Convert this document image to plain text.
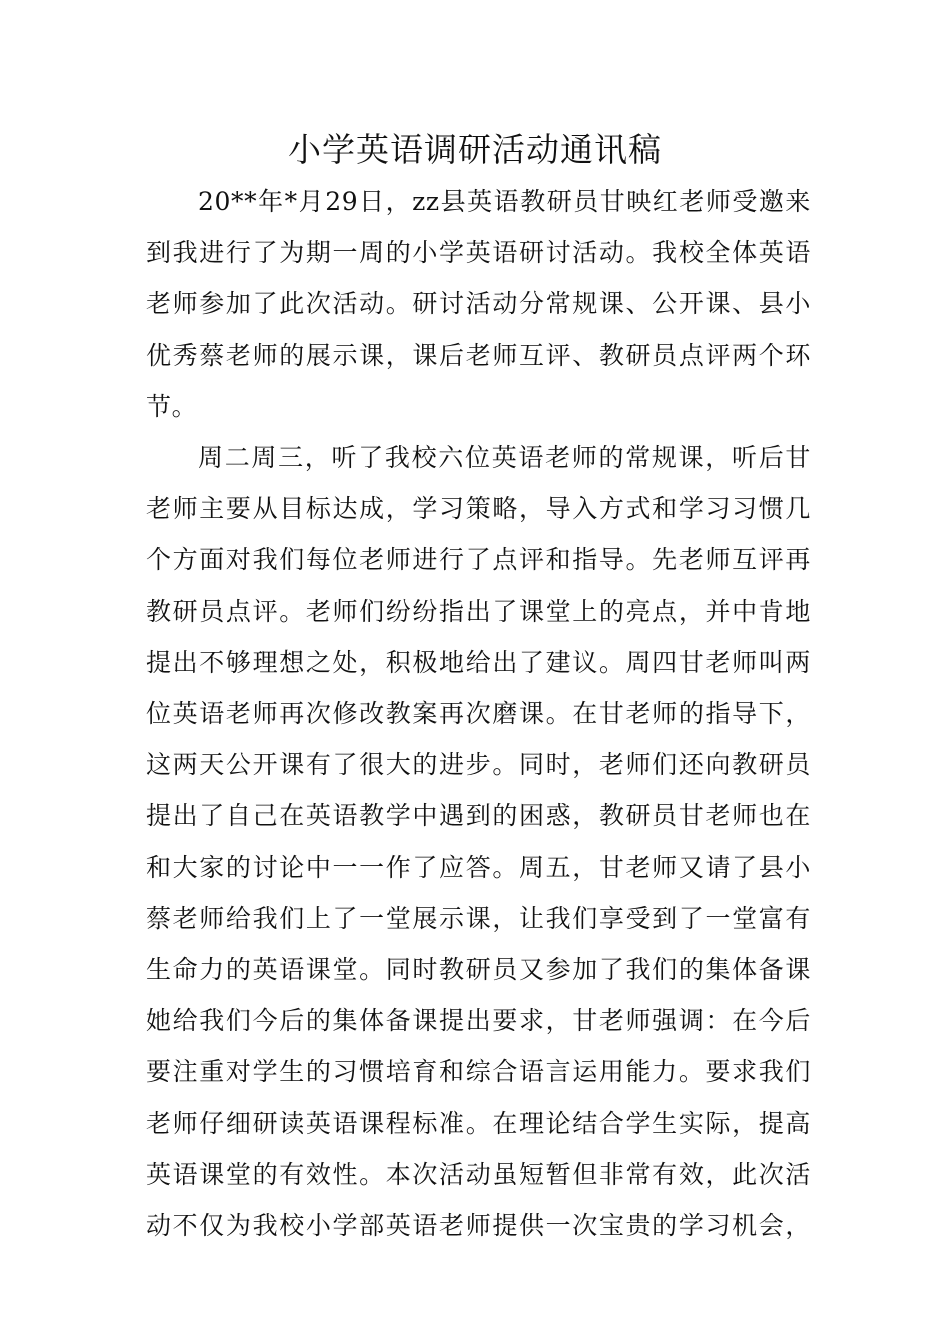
小学英语调研活动通讯稿
20**年*月29日，zz县英语教研员甘映红老师受邀来
到我进行了为期一周的小学英语研讨活动。我校全体英语
老师参加了此次活动。研讨活动分常规课、公开课、县小
优秀蔡老师的展示课，课后老师互评、教研员点评两个环
节。
周二周三，听了我校六位英语老师的常规课，听后甘
老师主要从目标达成，学习策略，导入方式和学习习惯几
个方面对我们每位老师进行了点评和指导。先老师互评再
教研员点评。老师们纷纷指出了课堂上的亮点，并中肯地
提出不够理想之处，积极地给出了建议。周四甘老师叫两
位英语老师再次修改教案再次磨课。在甘老师的指导下，
这两天公开课有了很大的进步。同时，老师们还向教研员
提出了自己在英语教学中遇到的困惑，教研员甘老师也在
和大家的讨论中一一作了应答。周五，甘老师又请了县小
蔡老师给我们上了一堂展示课，让我们享受到了一堂富有
生命力的英语课堂。同时教研员又参加了我们的集体备课
她给我们今后的集体备课提出要求，甘老师强调：在今后
要注重对学生的习惯培育和综合语言运用能力。要求我们
老师仔细研读英语课程标准。在理论结合学生实际，提高
英语课堂的有效性。本次活动虽短暂但非常有效，此次活
动不仅为我校小学部英语老师提供一次宝贵的学习机会，
